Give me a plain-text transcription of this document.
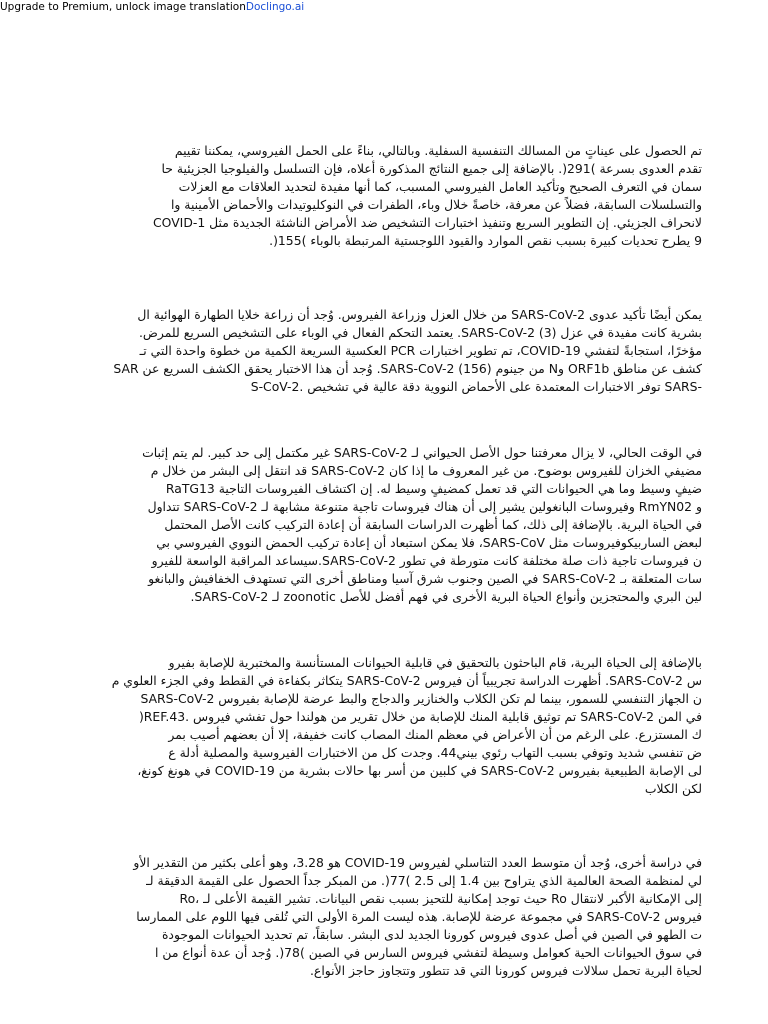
Upgrade to Premium, unlock image translationDoclingo.ai

تم الحصول على عيناتٍ من المسالك التنفسية السفلية. وبالتالي، بناءً على الحمل الفيروسي، يمكننا تقييم
تقدم العدوى بسرعة )291(. بالإضافة إلى جميع النتائج المذكورة أعلاه، فإن التسلسل والفيلوجيا الجزيئية حا
سمان في التعرف الصحيح وتأكيد العامل الفيروسي المسبب، كما أنها مفيدة لتحديد العلاقات مع العزلات
والتسلسلات السابقة، فضلاً عن معرفة، خاصةً خلال وباء، الطفرات في النوكليوتيدات والأحماض الأمينية وا
لانحراف الجزيئي. إن التطوير السريع وتنفيذ اختبارات التشخيص ضد الأمراض الناشئة الجديدة مثل COVID-1
9 يطرح تحديات كبيرة بسبب نقص الموارد والقيود اللوجستية المرتبطة بالوباء )155(.

يمكن أيضًا تأكيد عدوى SARS-CoV-2 من خلال العزل وزراعة الفيروس. وُجد أن زراعة خلايا الطهارة الهوائية ال
بشرية كانت مفيدة في عزل SARS-CoV-2 (3). يعتمد التحكم الفعال في الوباء على التشخيص السريع للمرض.
مؤخرًا، استجابةً لتفشي COVID-19، تم تطوير اختبارات PCR العكسية السريعة الكمية من خطوة واحدة التي تـ
كشف عن مناطق ORF1b وN من جينوم SARS-CoV-2 (156). وُجد أن هذا الاختبار يحقق الكشف السريع عن SAR
S-CoV-2. توفر الاختبارات المعتمدة على الأحماض النووية دقة عالية في تشخيص SARS-

في الوقت الحالي، لا يزال معرفتنا حول الأصل الحيواني لـ SARS-CoV-2 غير مكتمل إلى حد كبير. لم يتم إثبات
مضيفي الخزان للفيروس بوضوح. من غير المعروف ما إذا كان SARS-CoV-2 قد انتقل إلى البشر من خلال م
ضيفٍ وسيط وما هي الحيوانات التي قد تعمل كمضيفٍ وسيط له. إن اكتشاف الفيروسات التاجية RaTG13
و RmYN02 وفيروسات البانغولين يشير إلى أن هناك فيروسات تاجية متنوعة مشابهة لـ SARS-CoV-2 تتداول
في الحياة البرية. بالإضافة إلى ذلك، كما أظهرت الدراسات السابقة أن إعادة التركيب كانت الأصل المحتمل
لبعض الساربيكوفيروسات مثل SARS-CoV، فلا يمكن استبعاد أن إعادة تركيب الحمض النووي الفيروسي بي
ن فيروسات تاجية ذات صلة مختلفة كانت متورطة في تطور SARS-CoV-2.سيساعد المراقبة الواسعة للفيرو
سات المتعلقة بـ SARS-CoV-2 في الصين وجنوب شرق آسيا ومناطق أخرى التي تستهدف الخفافيش والبانغو
لين البري والمحتجزين وأنواع الحياة البرية الأخرى في فهم أفضل للأصل zoonotic لـ SARS-CoV-2.

بالإضافة إلى الحياة البرية، قام الباحثون بالتحقيق في قابلية الحيوانات المستأنسة والمختبرية للإصابة بفيرو
س SARS-CoV-2. أظهرت الدراسة تجريبياً أن فيروس SARS-CoV-2 يتكاثر بكفاءة في القطط وفي الجزء العلوي م
ن الجهاز التنفسي للسمور، بينما لم تكن الكلاب والخنازير والدجاج والبط عرضة للإصابة بفيروس SARS-CoV-2
)REF.43. تم توثيق قابلية المنك للإصابة من خلال تقرير من هولندا حول تفشي فيروس SARS-CoV-2 في المن
ك المستزرع. على الرغم من أن الأعراض في معظم المنك المصاب كانت خفيفة، إلا أن بعضهم أصيب بمر
ض تنفسي شديد وتوفي بسبب التهاب رئوي بيني44. وجدت كل من الاختبارات الفيروسية والمصلية أدلة ع
لى الإصابة الطبيعية بفيروس SARS-CoV-2 في كلبين من أسر بها حالات بشرية من COVID-19 في هونغ كونغ،
لكن الكلاب

في دراسة أخرى، وُجد أن متوسط العدد التناسلي لفيروس COVID-19 هو 3.28، وهو أعلى بكثير من التقدير الأو
لي لمنظمة الصحة العالمية الذي يتراوح بين 1.4 إلى 2.5 )77(. من المبكر جداً الحصول على القيمة الدقيقة لـ
Ro، حيث توجد إمكانية للتحيز بسبب نقص البيانات. تشير القيمة الأعلى لـ Ro إلى الإمكانية الأكبر لانتقال
فيروس SARS-CoV-2 في مجموعة عرضة للإصابة. هذه ليست المرة الأولى التي تُلقى فيها اللوم على الممارسا
ت الطهو في الصين في أصل عدوى فيروس كورونا الجديد لدى البشر. سابقاً، تم تحديد الحيوانات الموجودة
في سوق الحيوانات الحية كعوامل وسيطة لتفشي فيروس السارس في الصين )78(. وُجد أن عدة أنواع من ا
لحياة البرية تحمل سلالات فيروس كورونا التي قد تتطور وتتجاوز حاجز الأنواع.
